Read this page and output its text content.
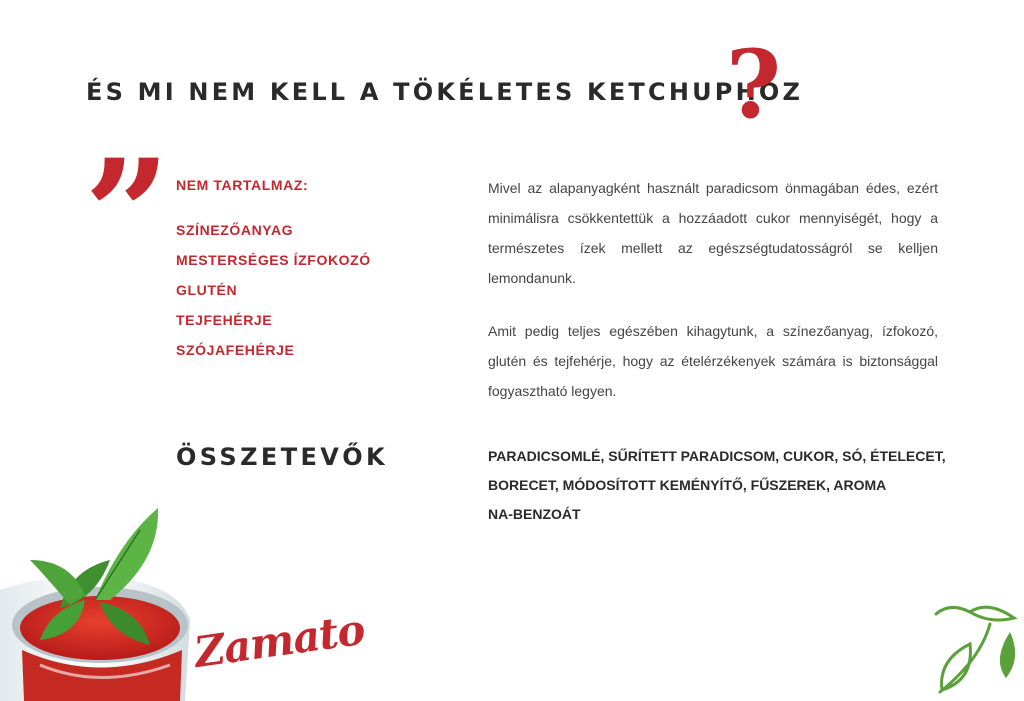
ÉS MI NEM KELL A TÖKÉLETES KETCHUPHOZ
?
” NEM TARTALMAZ:
SZÍNEZŐANYAG
MESTERSÉGES ÍZFOKOZÓ
GLUTÉN
TEJFEHÉRJE
SZÓJAFEHÉRJE

Mivel az alapanyagként használt paradicsom önmagában édes, ezért minimálisra csökkentettük a hozzáadott cukor mennyiségét, hogy a természetes ízek mellett az egészségtudatosságról se kelljen lemondanunk.

Amit pedig teljes egészében kihagytunk, a színezőanyag, ízfokozó, glutén és tejfehérje, hogy az ételérzékenyek számára is biztonsággal fogyasztható legyen.

ÖSSZETEVŐK	PARADICSOMLÉ, SŰRÍTETT PARADICSOM, CUKOR, SÓ, ÉTELECET,
BORECET, MÓDOSÍTOTT KEMÉNYÍTŐ, FŰSZEREK, AROMA
NA-BENZOÁT

Zamato
